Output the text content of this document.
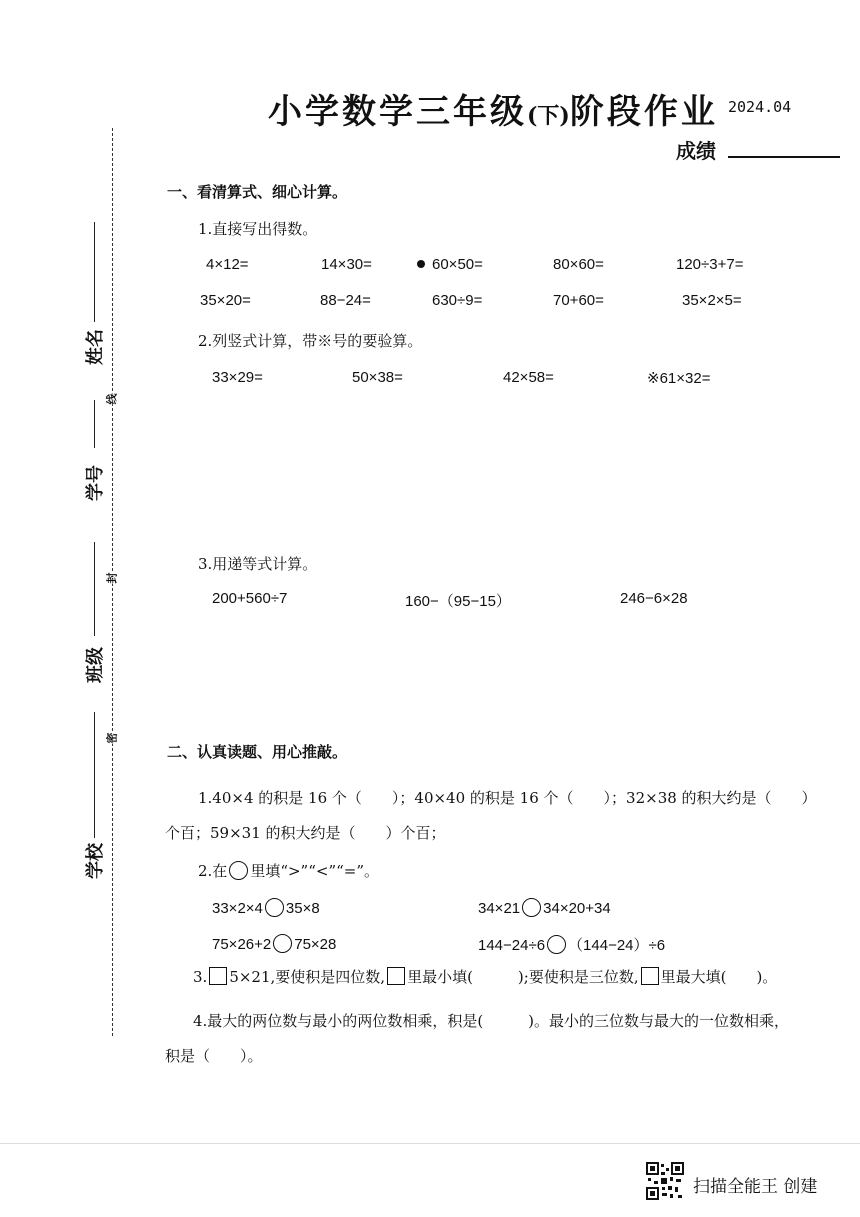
小学数学三年级(下)阶段作业 2024.04
成绩
线
封
密
姓名
学号
班级
学校
一、看清算式、细心计算。
1.直接写出得数。
4×12=	14×30=	60×50=	80×60=	120÷3+7=
35×20=	88−24=	630÷9=	70+60=	35×2×5=
2.列竖式计算，带※号的要验算。
33×29=	50×38=	42×58=	※61×32=
3.用递等式计算。
200+560÷7	160−（95−15）	246−6×28
二、认真读题、用心推敲。
1.40×4 的积是 16 个（　　）；40×40 的积是 16 个（　　）；32×38 的积大约是（　　）
个百；59×31 的积大约是（　　）个百；
2.在 里填“>”“<”“=”。
33×2×4 35×8	34×21 34×20+34
75×26+2 75×28	144−24÷6 （144−24）÷6
3. 5×21,要使积是四位数, 里最小填(　　　);要使积是三位数, 里最大填(　　)。
4.最大的两位数与最小的两位数相乘，积是(　　　)。最小的三位数与最大的一位数相乘，
积是（　　）。
扫描全能王 创建
